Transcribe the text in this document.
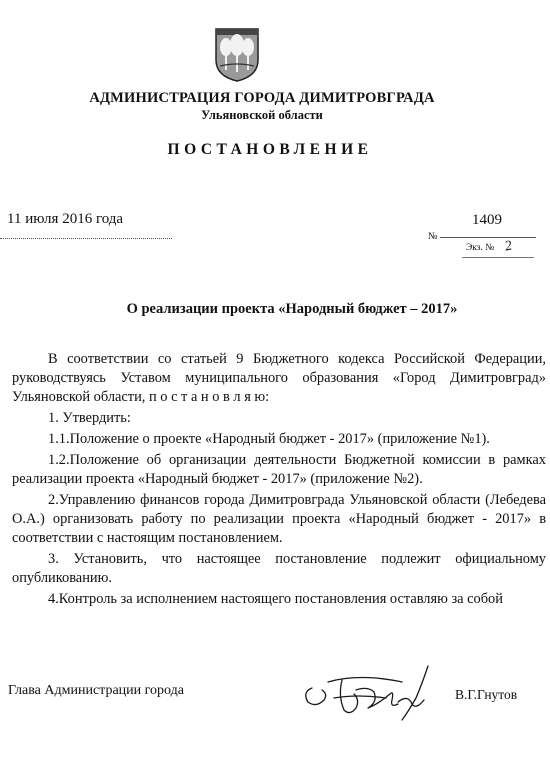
АДМИНИСТРАЦИЯ ГОРОДА ДИМИТРОВГРАДА
Ульяновской области
ПОСТАНОВЛЕНИЕ
11 июля 2016 года	1409
№
Экз. № 2
О реализации проекта «Народный бюджет – 2017»

В соответствии со статьей 9 Бюджетного кодекса Российской Федерации, руководствуясь Уставом муниципального образования «Город Димитровград» Ульяновской области, п о с т а н о в л я ю:

1. Утвердить:

1.1.Положение о проекте «Народный бюджет - 2017» (приложение №1).

1.2.Положение об организации деятельности Бюджетной комиссии в рамках реализации проекта «Народный бюджет - 2017» (приложение №2).

2.Управлению финансов города Димитровграда Ульяновской области (Лебедева О.А.) организовать работу по реализации проекта «Народный бюджет - 2017» в соответствии с настоящим постановлением.

3. Установить, что настоящее постановление подлежит официальному опубликованию.

4.Контроль за исполнением настоящего постановления оставляю за собой

Глава Администрации города	В.Г.Гнутов
